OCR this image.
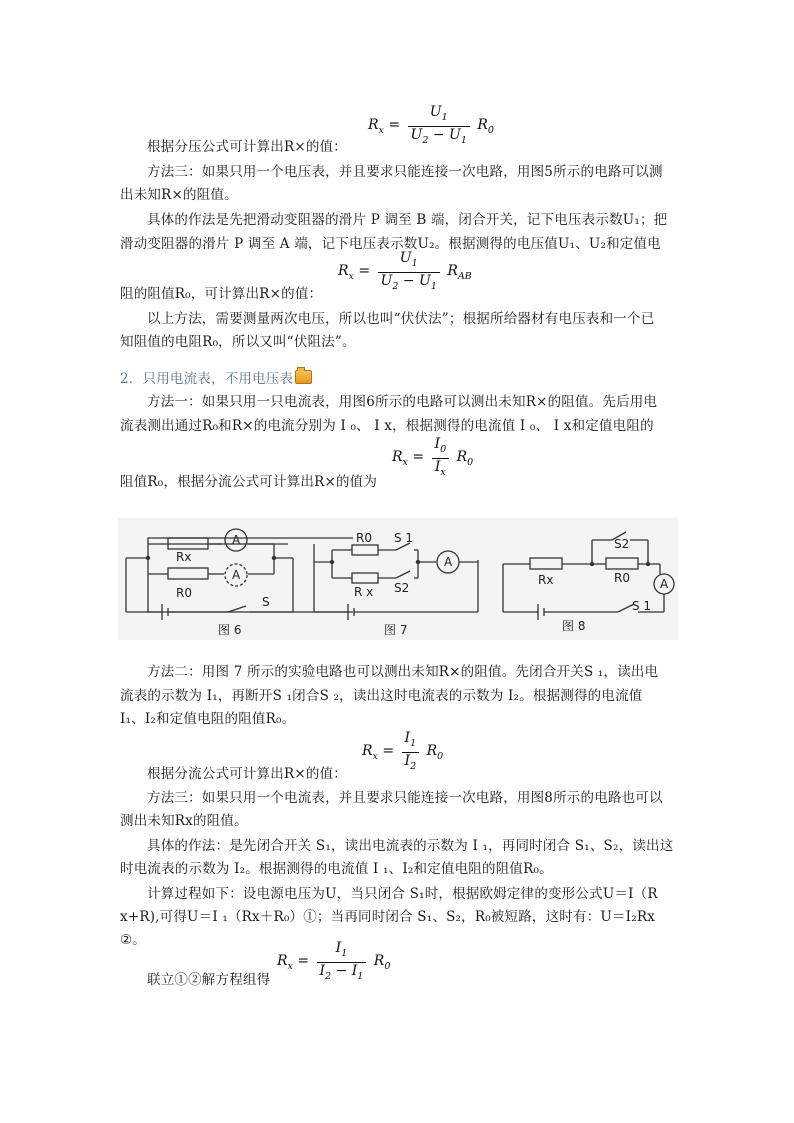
$R_x = \frac{U_1}{U_2 - U_1} R_0$
根据分压公式可计算出R×的值：
方法三：如果只用一个电压表，并且要求只能连接一次电路，用图5所示的电路可以测
出未知R×的阻值。
具体的作法是先把滑动变阻器的滑片 P 调至 B 端，闭合开关，记下电压表示数U₁；把
滑动变阻器的滑片 P 调至 A 端，记下电压表示数U₂。根据测得的电压值U₁、U₂和定值电
$R_x = \frac{U_1}{U_2 - U_1} R_{AB}$
阻的阻值R₀，可计算出R×的值：
以上方法，需要测量两次电压，所以也叫“伏伏法”；根据所给器材有电压表和一个已
知阻值的电阻R₀，所以又叫“伏阻法”。
2．只用电流表，不用电压表
方法一：如果只用一只电流表，用图6所示的电路可以测出未知R×的阻值。先后用电
流表测出通过R₀和R×的电流分别为 I ₀、 I x，根据测得的电流值 I ₀、 I x和定值电阻的
$R_x = \frac{I_0}{I_x} R_0$
阻值R₀，根据分流公式可计算出R×的值为
Rx
A
A
R0
S
图 6
R0 S 1
R x S2
A
图 7
Rx
S2
R0	A
S 1
图 8
方法二：用图 7 所示的实验电路也可以测出未知R×的阻值。先闭合开关S ₁，读出电
流表的示数为 I₁，再断开S ₁闭合S ₂，读出这时电流表的示数为 I₂。根据测得的电流值
I₁、I₂和定值电阻的阻值R₀。
$R_x = \frac{I_1}{I_2} R_0$
根据分流公式可计算出R×的值：
方法三：如果只用一个电流表，并且要求只能连接一次电路，用图8所示的电路也可以
测出未知Rx的阻值。
具体的作法：是先闭合开关 S₁，读出电流表的示数为 I ₁，再同时闭合 S₁、S₂，读出这
时电流表的示数为 I₂。根据测得的电流值 I ₁、I₂和定值电阻的阻值R₀。
计算过程如下：设电源电压为U，当只闭合 S₁时，根据欧姆定律的变形公式U＝I（R
x+R),可得U＝I ₁（Rx＋R₀）①；当再同时闭合 S₁、S₂，R₀被短路，这时有：U＝I₂Rx
②。
$R_x = \frac{I_1}{I_2 - I_1} R_0$
联立①②解方程组得
